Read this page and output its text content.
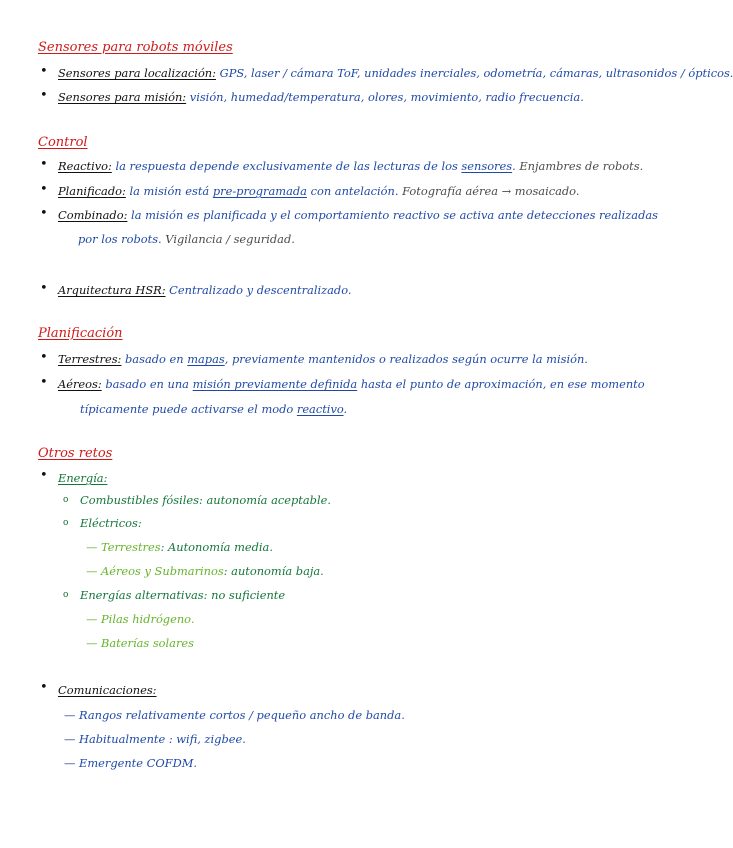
Sensores para robots móviles
• Sensores para localización: GPS, laser / cámara ToF, unidades inerciales, odometría, cámaras, ultrasonidos / ópticos.
• Sensores para misión: visión, humedad/temperatura, olores, movimiento, radio frecuencia.
Control
• Reactivo: la respuesta depende exclusivamente de las lecturas de los sensores. Enjambres de robots.
• Planificado: la misión está pre-programada con antelación. Fotografía aérea → mosaicado.
• Combinado: la misión es planificada y el comportamiento reactivo se activa ante detecciones realizadas
por los robots. Vigilancia / seguridad.
• Arquitectura HSR: Centralizado y descentralizado.
Planificación
• Terrestres: basado en mapas, previamente mantenidos o realizados según ocurre la misión.
• Aéreos: basado en una misión previamente definida hasta el punto de aproximación, en ese momento
típicamente puede activarse el modo reactivo.
Otros retos
• Energía:
o Combustibles fósiles: autonomía aceptable.
o Eléctricos:
— Terrestres: Autonomía media.
— Aéreos y Submarinos: autonomía baja.
o Energías alternativas: no suficiente
— Pilas hidrógeno.
— Baterías solares
• Comunicaciones:
— Rangos relativamente cortos / pequeño ancho de banda.
— Habitualmente : wifi, zigbee.
— Emergente COFDM.
